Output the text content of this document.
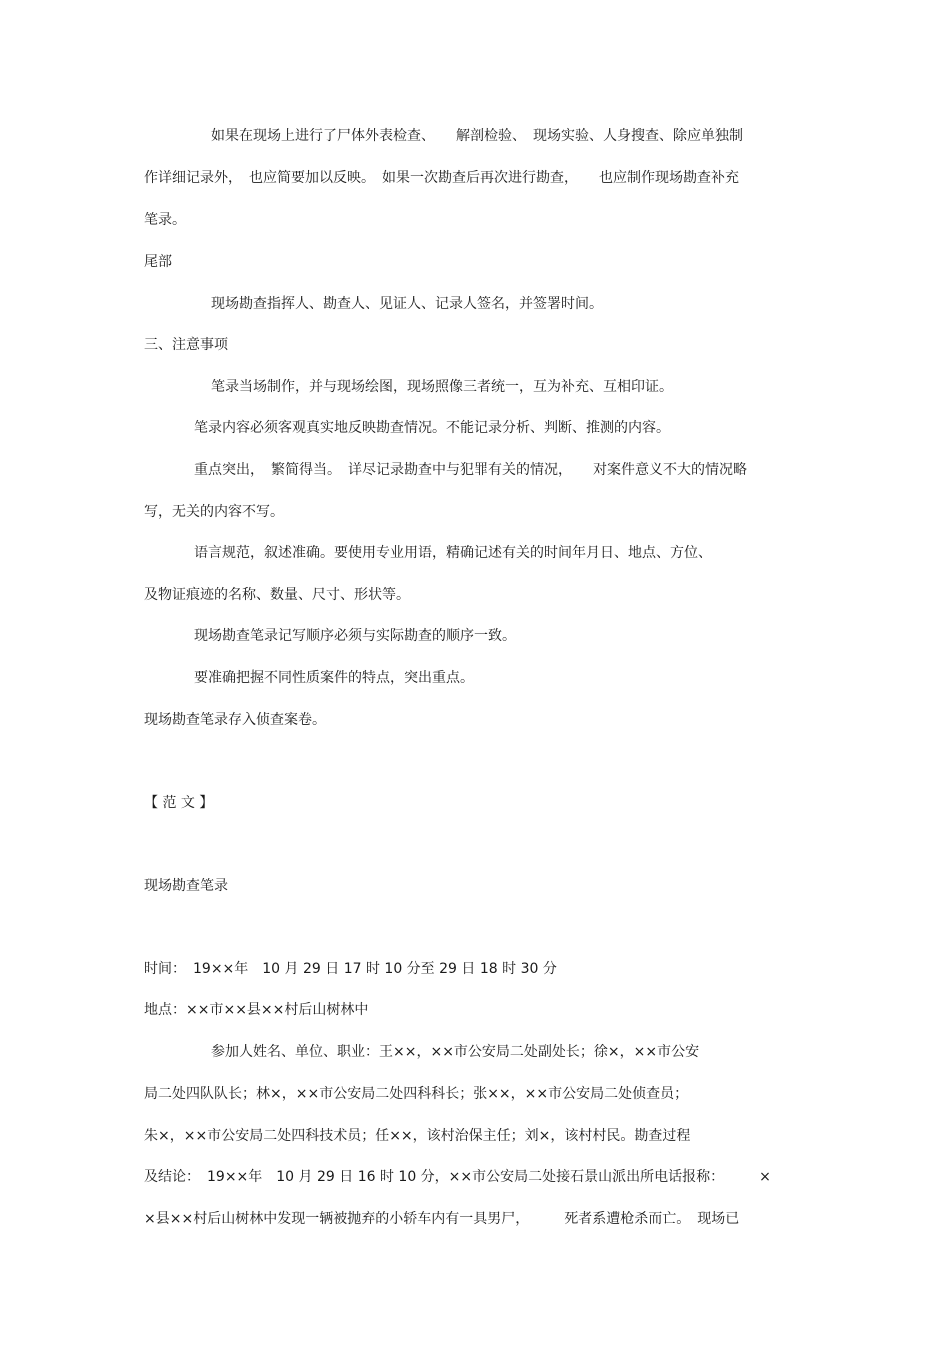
如果在现场上进行了尸体外表检查、　　解剖检验、　现场实验、人身搜查、除应单独制

作详细记录外，　也应简要加以反映。　如果一次勘查后再次进行勘查，　　也应制作现场勘查补充

笔录。

尾部

现场勘查指挥人、勘查人、见证人、记录人签名，并签署时间。

三、注意事项

笔录当场制作，并与现场绘图，现场照像三者统一，互为补充、互相印证。

笔录内容必须客观真实地反映勘查情况。不能记录分析、判断、推测的内容。

重点突出，　繁简得当。　详尽记录勘查中与犯罪有关的情况，　　对案件意义不大的情况略

写，无关的内容不写。

语言规范，叙述准确。要使用专业用语，精确记述有关的时间年月日、地点、方位、

及物证痕迹的名称、数量、尺寸、形状等。

现场勘查笔录记写顺序必须与实际勘查的顺序一致。

要准确把握不同性质案件的特点，突出重点。

现场勘查笔录存入侦查案卷。

【 范 文 】

现场勘查笔录

时间：　19××年　10 月 29 日 17 时 10 分至 29 日 18 时 30 分

地点：××市××县××村后山树林中

参加人姓名、单位、职业：王××，××市公安局二处副处长；徐×，××市公安

局二处四队队长；林×，××市公安局二处四科科长；张××，××市公安局二处侦查员；

朱×，××市公安局二处四科技术员；任××，该村治保主任；刘×，该村村民。勘查过程

及结论：　19××年　10 月 29 日 16 时 10 分，××市公安局二处接石景山派出所电话报称：　　　×

×县××村后山树林中发现一辆被抛弃的小轿车内有一具男尸，　　　死者系遭枪杀而亡。　现场已
